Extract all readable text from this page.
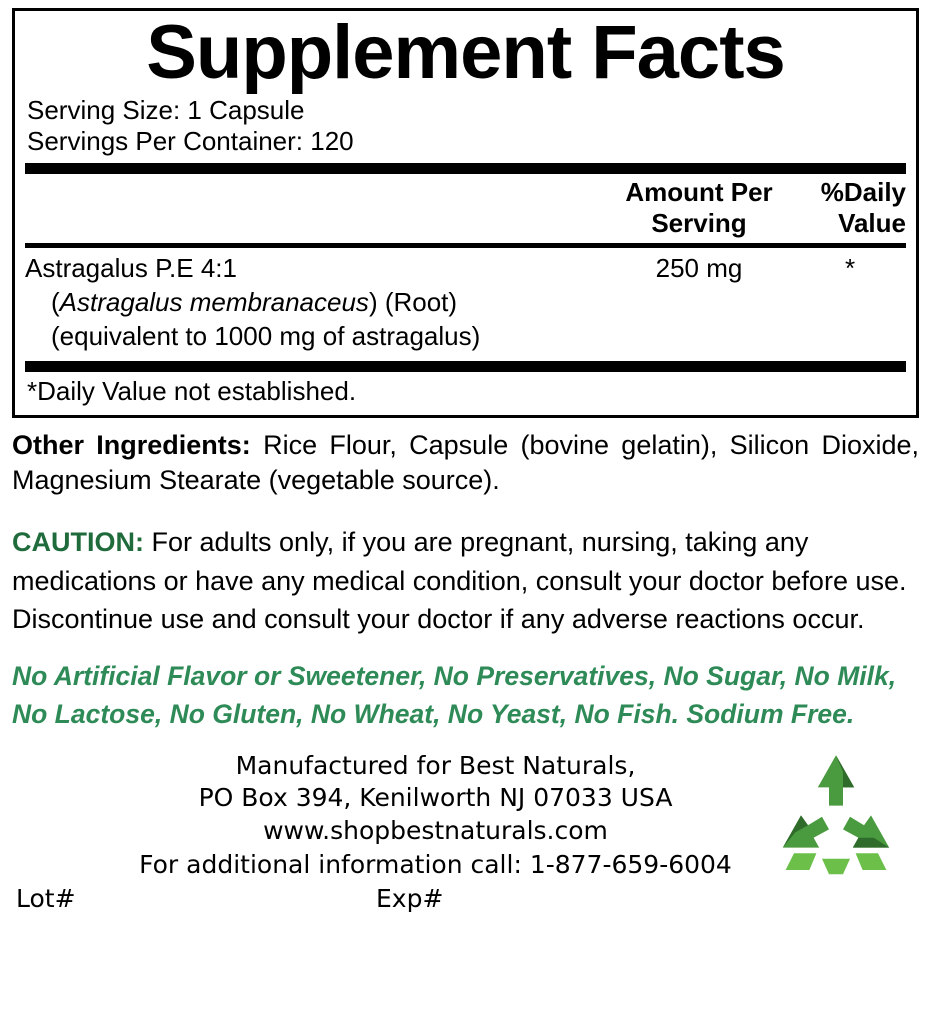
Supplement Facts
Serving Size: 1 Capsule
Servings Per Container: 120
Amount Per
Serving
%Daily
Value
Astragalus P.E 4:1
(Astragalus membranaceus) (Root)
(equivalent to 1000 mg of astragalus)
250 mg	*
*Daily Value not established.
Other Ingredients: Rice Flour, Capsule (bovine gelatin), Silicon Dioxide, Magnesium Stearate (vegetable source).
CAUTION: For adults only, if you are pregnant, nursing, taking any medications or have any medical condition, consult your doctor before use. Discontinue use and consult your doctor if any adverse reactions occur.
No Artificial Flavor or Sweetener, No Preservatives, No Sugar, No Milk, No Lactose, No Gluten, No Wheat, No Yeast, No Fish. Sodium Free.
Manufactured for Best Naturals,
PO Box 394, Kenilworth NJ 07033 USA
www.shopbestnaturals.com
For additional information call: 1-877-659-6004
Lot#	Exp#
